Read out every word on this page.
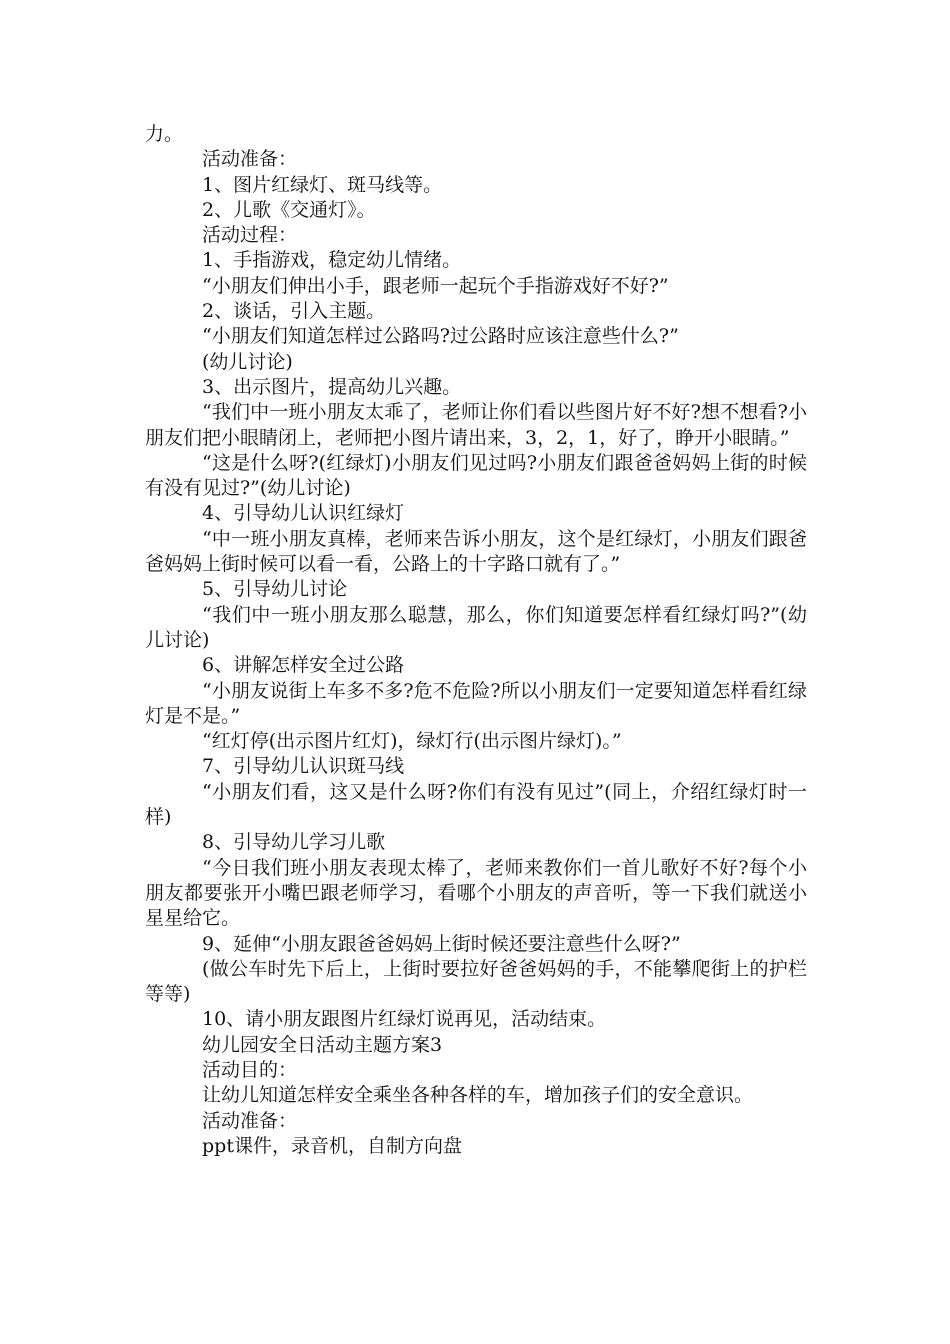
力。

活动准备：

1、图片红绿灯、斑马线等。

2、儿歌《交通灯》。

活动过程：

1、手指游戏，稳定幼儿情绪。

“小朋友们伸出小手，跟老师一起玩个手指游戏好不好?”

2、谈话，引入主题。

“小朋友们知道怎样过公路吗?过公路时应该注意些什么?”

(幼儿讨论)

3、出示图片，提高幼儿兴趣。

“我们中一班小朋友太乖了，老师让你们看以些图片好不好?想不想看?小朋友们把小眼睛闭上，老师把小图片请出来，3，2，1，好了，睁开小眼睛。”

“这是什么呀?(红绿灯)小朋友们见过吗?小朋友们跟爸爸妈妈上街的时候有没有见过?”(幼儿讨论)

4、引导幼儿认识红绿灯

“中一班小朋友真棒，老师来告诉小朋友，这个是红绿灯，小朋友们跟爸爸妈妈上街时候可以看一看，公路上的十字路口就有了。”

5、引导幼儿讨论

“我们中一班小朋友那么聪慧，那么，你们知道要怎样看红绿灯吗?”(幼儿讨论)

6、讲解怎样安全过公路

“小朋友说街上车多不多?危不危险?所以小朋友们一定要知道怎样看红绿灯是不是。”

“红灯停(出示图片红灯)，绿灯行(出示图片绿灯)。”

7、引导幼儿认识斑马线

“小朋友们看，这又是什么呀?你们有没有见过”(同上，介绍红绿灯时一样)

8、引导幼儿学习儿歌

“今日我们班小朋友表现太棒了，老师来教你们一首儿歌好不好?每个小朋友都要张开小嘴巴跟老师学习，看哪个小朋友的声音听，等一下我们就送小星星给它。

9、延伸“小朋友跟爸爸妈妈上街时候还要注意些什么呀?”

(做公车时先下后上，上街时要拉好爸爸妈妈的手，不能攀爬街上的护栏等等)

10、请小朋友跟图片红绿灯说再见，活动结束。

幼儿园安全日活动主题方案3

活动目的：

让幼儿知道怎样安全乘坐各种各样的车，增加孩子们的安全意识。

活动准备：

ppt课件，录音机，自制方向盘
